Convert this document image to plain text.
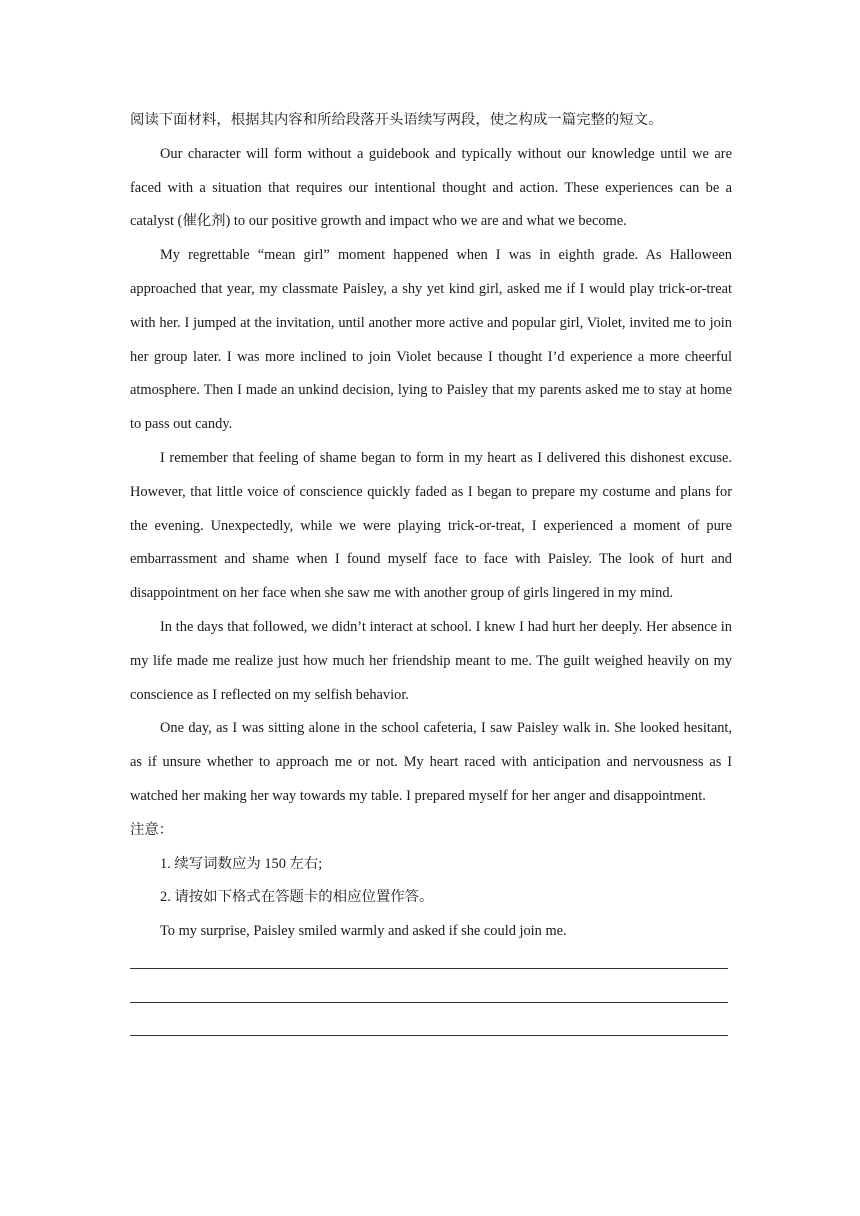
阅读下面材料，根据其内容和所给段落开头语续写两段，使之构成一篇完整的短文。

Our character will form without a guidebook and typically without our knowledge until we are faced with a situation that requires our intentional thought and action. These experiences can be a catalyst (催化剂) to our positive growth and impact who we are and what we become.

My regrettable “mean girl” moment happened when I was in eighth grade. As Halloween approached that year, my classmate Paisley, a shy yet kind girl, asked me if I would play trick-or-treat with her. I jumped at the invitation, until another more active and popular girl, Violet, invited me to join her group later. I was more inclined to join Violet because I thought I’d experience a more cheerful atmosphere. Then I made an unkind decision, lying to Paisley that my parents asked me to stay at home to pass out candy.

I remember that feeling of shame began to form in my heart as I delivered this dishonest excuse. However, that little voice of conscience quickly faded as I began to prepare my costume and plans for the evening. Unexpectedly, while we were playing trick-or-treat, I experienced a moment of pure embarrassment and shame when I found myself face to face with Paisley. The look of hurt and disappointment on her face when she saw me with another group of girls lingered in my mind.

In the days that followed, we didn’t interact at school. I knew I had hurt her deeply. Her absence in my life made me realize just how much her friendship meant to me. The guilt weighed heavily on my conscience as I reflected on my selfish behavior.

One day, as I was sitting alone in the school cafeteria, I saw Paisley walk in. She looked hesitant, as if unsure whether to approach me or not. My heart raced with anticipation and nervousness as I watched her making her way towards my table. I prepared myself for her anger and disappointment.

注意：

1. 续写词数应为 150 左右;

2. 请按如下格式在答题卡的相应位置作答。

To my surprise, Paisley smiled warmly and asked if she could join me.
